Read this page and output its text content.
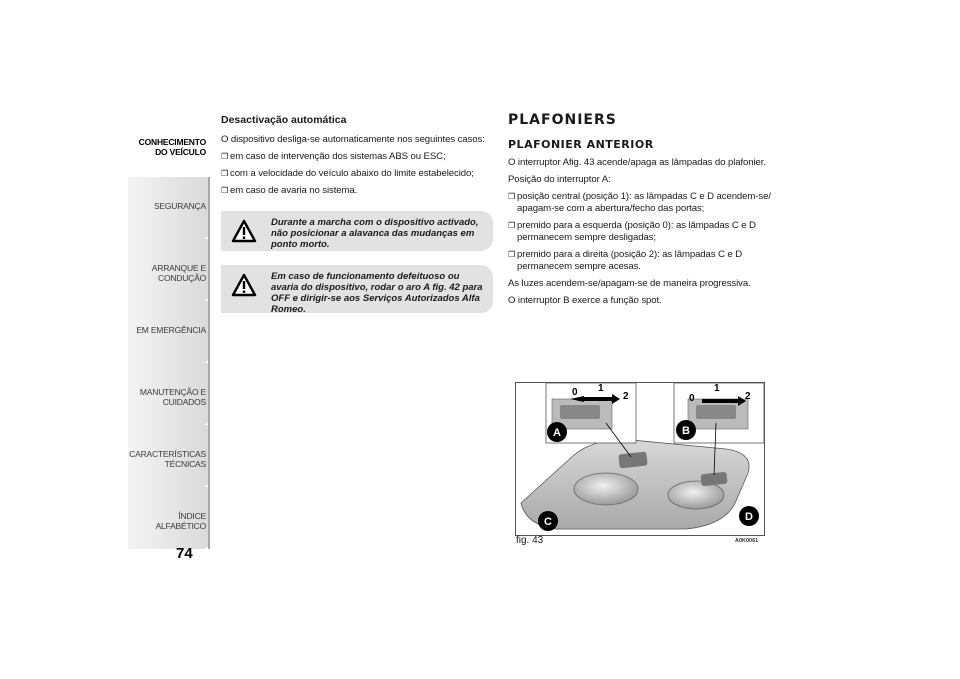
CONHECIMENTO DO VEÍCULO
SEGURANÇA
ARRANQUE E CONDUÇÃO
EM EMERGÊNCIA
MANUTENÇÃO E CUIDADOS
CARACTERÍSTICAS TÉCNICAS
ÍNDICE ALFABÉTICO
74
Desactivação automática
O dispositivo desliga-se automaticamente nos seguintes casos:
❒ em caso de intervenção dos sistemas ABS ou ESC;
❒ com a velocidade do veículo abaixo do limite estabelecido;
❒ em caso de avaria no sistema.
Durante a marcha com o dispositivo activado, não posicionar a alavanca das mudanças em ponto morto.
Em caso de funcionamento defeituoso ou avaria do dispositivo, rodar o aro A fig. 42 para OFF e dirigir-se aos Serviços Autorizados Alfa Romeo.
PLAFONIERS
PLAFONIER ANTERIOR
O interruptor Afig. 43 acende/apaga as lâmpadas do plafonier.
Posição do interruptor A:
❒ posição central (posição 1): as lâmpadas C e D acendem-se/ apagam-se com a abertura/fecho das portas;
❒ premido para a esquerda (posição 0): as lâmpadas C e D permanecem sempre desligadas;
❒ premido para a direita (posição 2): as lâmpadas C e D permanecem sempre acesas.
As luzes acendem-se/apagam-se de maneira progressiva.
O interruptor B exerce a função spot.
0 1
2	0
1
2
A	B
C	D
fig. 43	A0K0061
